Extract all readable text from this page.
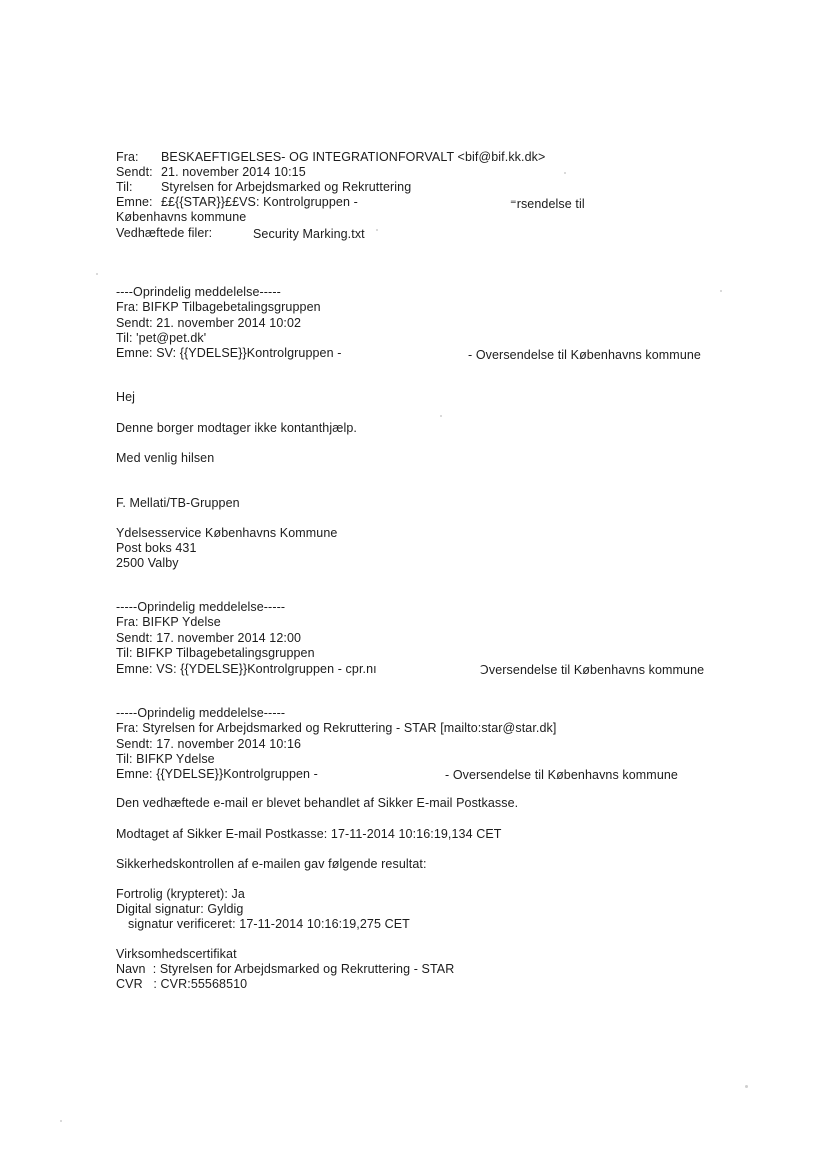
Fra: BESKAEFTIGELSES- OG INTEGRATIONFORVALT <bif@bif.kk.dk>
Sendt: 21. november 2014 10:15
Til: Styrelsen for Arbejdsmarked og Rekruttering
Emne: ££{{STAR}}££VS: Kontrolgruppen -	⁼rsendelse til
Københavns kommune
Vedhæftede filer:	Security Marking.txt
----Oprindelig meddelelse-----
Fra: BIFKP Tilbagebetalingsgruppen
Sendt: 21. november 2014 10:02
Til: 'pet@pet.dk'
Emne: SV: {{YDELSE}}Kontrolgruppen -	- Oversendelse til Københavns kommune
Hej
Denne borger modtager ikke kontanthjælp.
Med venlig hilsen
F. Mellati/TB-Gruppen
Ydelsesservice Københavns Kommune
Post boks 431
2500 Valby
-----Oprindelig meddelelse-----
Fra: BIFKP Ydelse
Sendt: 17. november 2014 12:00
Til: BIFKP Tilbagebetalingsgruppen
Emne: VS: {{YDELSE}}Kontrolgruppen - cpr.nı	Ↄversendelse til Københavns kommune
-----Oprindelig meddelelse-----
Fra: Styrelsen for Arbejdsmarked og Rekruttering - STAR [mailto:star@star.dk]
Sendt: 17. november 2014 10:16
Til: BIFKP Ydelse
Emne: {{YDELSE}}Kontrolgruppen -	- Oversendelse til Københavns kommune
Den vedhæftede e-mail er blevet behandlet af Sikker E-mail Postkasse.
Modtaget af Sikker E-mail Postkasse: 17-11-2014 10:16:19,134 CET
Sikkerhedskontrollen af e-mailen gav følgende resultat:
Fortrolig (krypteret): Ja
Digital signatur: Gyldig
signatur verificeret: 17-11-2014 10:16:19,275 CET
Virksomhedscertifikat
Navn  : Styrelsen for Arbejdsmarked og Rekruttering - STAR
CVR   : CVR:55568510
